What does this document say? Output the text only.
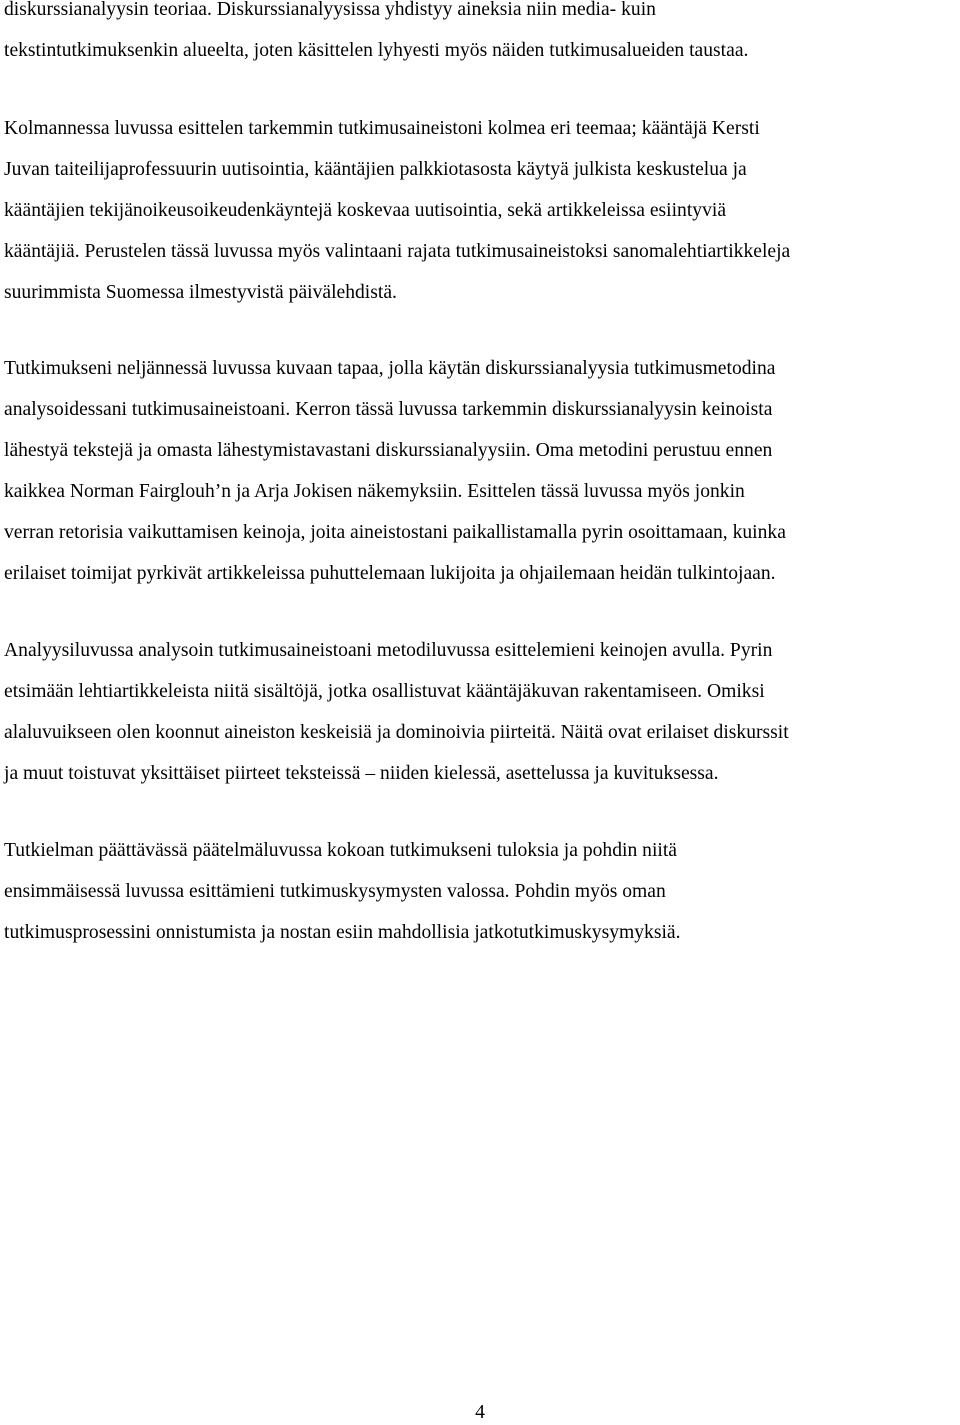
diskurssianalyysin teoriaa. Diskurssianalyysissa yhdistyy aineksia niin media- kuin

tekstintutkimuksenkin alueelta, joten käsittelen lyhyesti myös näiden tutkimusalueiden taustaa.

Kolmannessa luvussa esittelen tarkemmin tutkimusaineistoni kolmea eri teemaa; kääntäjä Kersti

Juvan taiteilijaprofessuurin uutisointia, kääntäjien palkkiotasosta käytyä julkista keskustelua ja

kääntäjien tekijänoikeusoikeudenkäyntejä koskevaa uutisointia, sekä artikkeleissa esiintyviä

kääntäjiä. Perustelen tässä luvussa myös valintaani rajata tutkimusaineistoksi sanomalehtiartikkeleja

suurimmista Suomessa ilmestyvistä päivälehdistä.

Tutkimukseni neljännessä luvussa kuvaan tapaa, jolla käytän diskurssianalyysia tutkimusmetodina

analysoidessani tutkimusaineistoani. Kerron tässä luvussa tarkemmin diskurssianalyysin keinoista

lähestyä tekstejä ja omasta lähestymistavastani diskurssianalyysiin. Oma metodini perustuu ennen

kaikkea Norman Fairglouh’n ja Arja Jokisen näkemyksiin. Esittelen tässä luvussa myös jonkin

verran retorisia vaikuttamisen keinoja, joita aineistostani paikallistamalla pyrin osoittamaan, kuinka

erilaiset toimijat pyrkivät artikkeleissa puhuttelemaan lukijoita ja ohjailemaan heidän tulkintojaan.

Analyysiluvussa analysoin tutkimusaineistoani metodiluvussa esittelemieni keinojen avulla. Pyrin

etsimään lehtiartikkeleista niitä sisältöjä, jotka osallistuvat kääntäjäkuvan rakentamiseen. Omiksi

alaluvuikseen olen koonnut aineiston keskeisiä ja dominoivia piirteitä. Näitä ovat erilaiset diskurssit

ja muut toistuvat yksittäiset piirteet teksteissä – niiden kielessä, asettelussa ja kuvituksessa.

Tutkielman päättävässä päätelmäluvussa kokoan tutkimukseni tuloksia ja pohdin niitä

ensimmäisessä luvussa esittämieni tutkimuskysymysten valossa. Pohdin myös oman

tutkimusprosessini onnistumista ja nostan esiin mahdollisia jatkotutkimuskysymyksiä.

4
